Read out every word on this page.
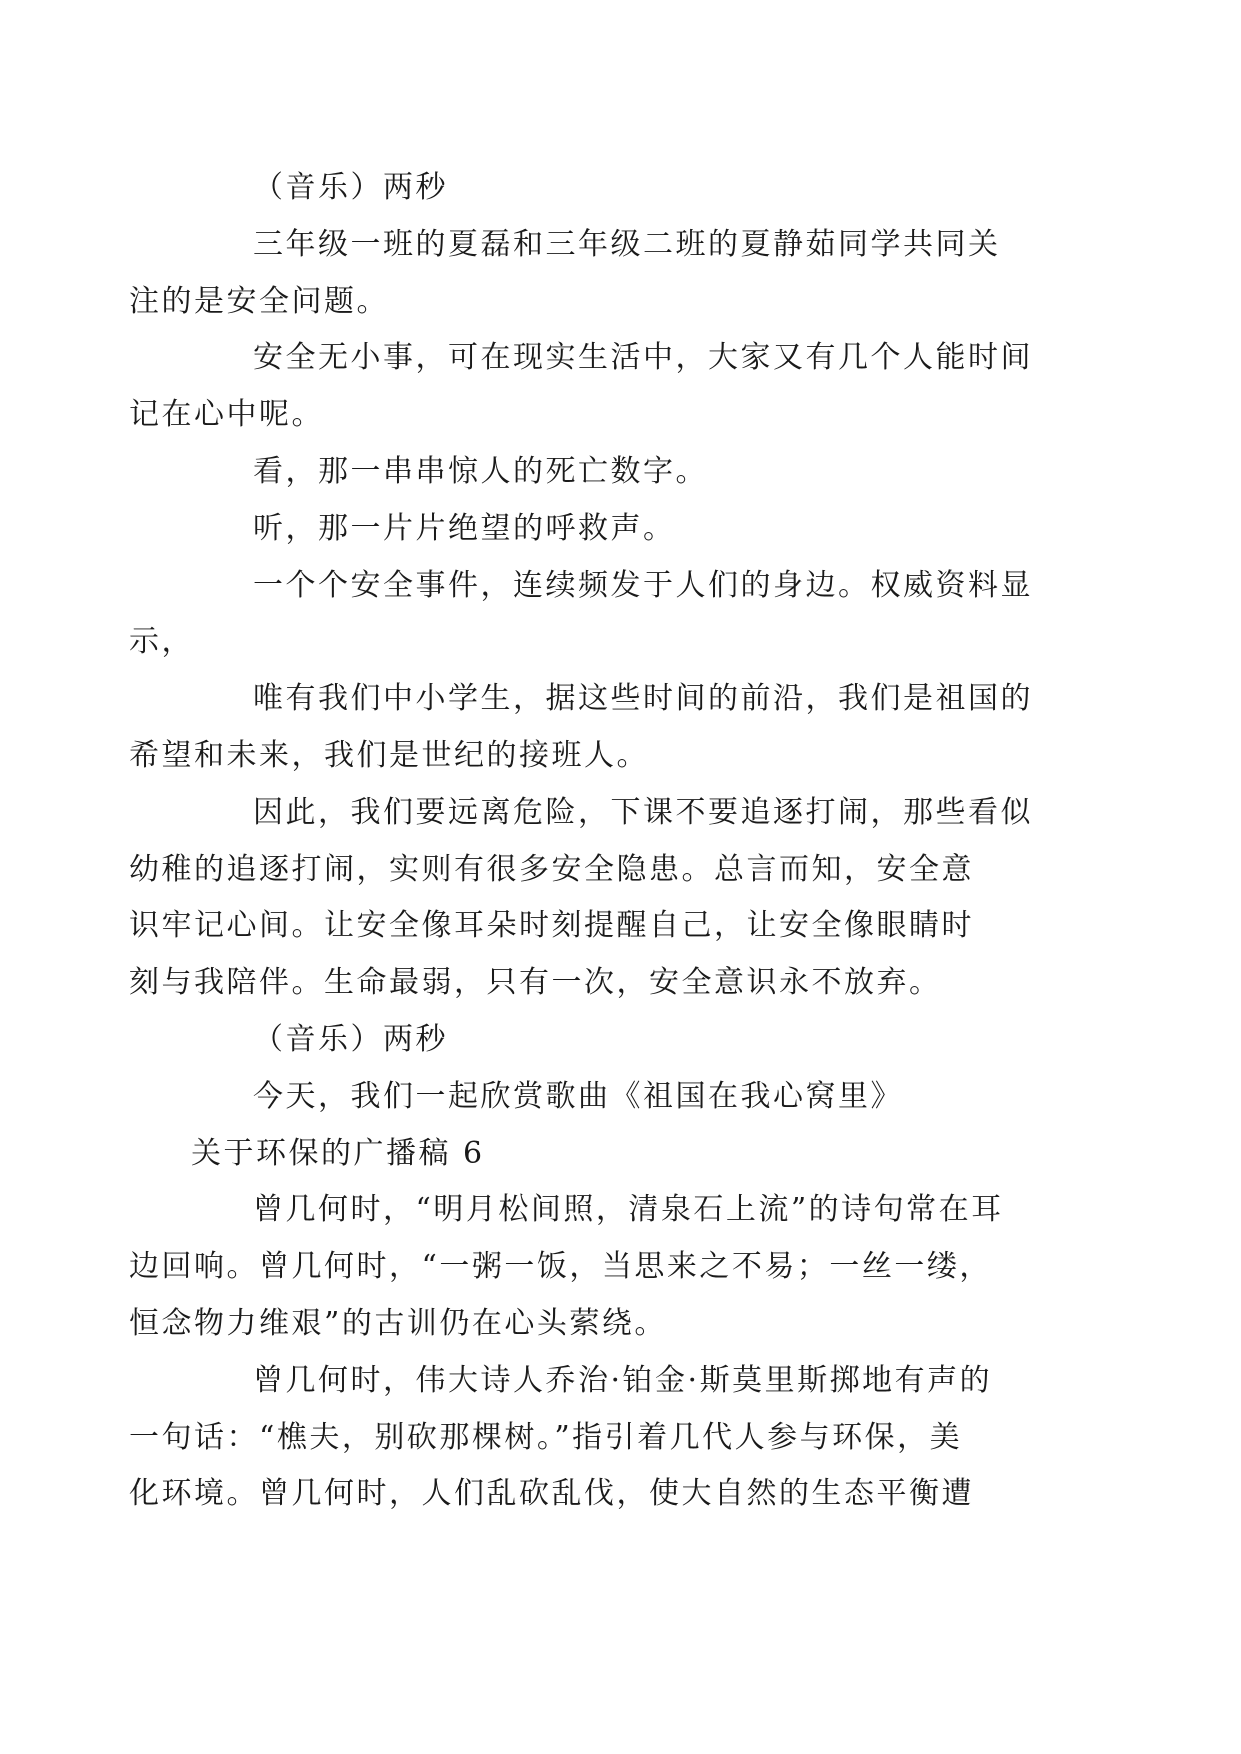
（音乐）两秒
三年级一班的夏磊和三年级二班的夏静茹同学共同关
注的是安全问题。
安全无小事，可在现实生活中，大家又有几个人能时间
记在心中呢。
看，那一串串惊人的死亡数字。
听，那一片片绝望的呼救声。
一个个安全事件，连续频发于人们的身边。权威资料显
示，
唯有我们中小学生，据这些时间的前沿，我们是祖国的
希望和未来，我们是世纪的接班人。
因此，我们要远离危险，下课不要追逐打闹，那些看似
幼稚的追逐打闹，实则有很多安全隐患。总言而知，安全意
识牢记心间。让安全像耳朵时刻提醒自己，让安全像眼睛时
刻与我陪伴。生命最弱，只有一次，安全意识永不放弃。
（音乐）两秒
今天，我们一起欣赏歌曲《祖国在我心窝里》
关于环保的广播稿 6
曾几何时，“明月松间照，清泉石上流”的诗句常在耳
边回响。曾几何时，“一粥一饭，当思来之不易；一丝一缕，
恒念物力维艰”的古训仍在心头萦绕。
曾几何时，伟大诗人乔治·铂金·斯莫里斯掷地有声的
一句话：“樵夫，别砍那棵树。”指引着几代人参与环保，美
化环境。曾几何时，人们乱砍乱伐，使大自然的生态平衡遭
